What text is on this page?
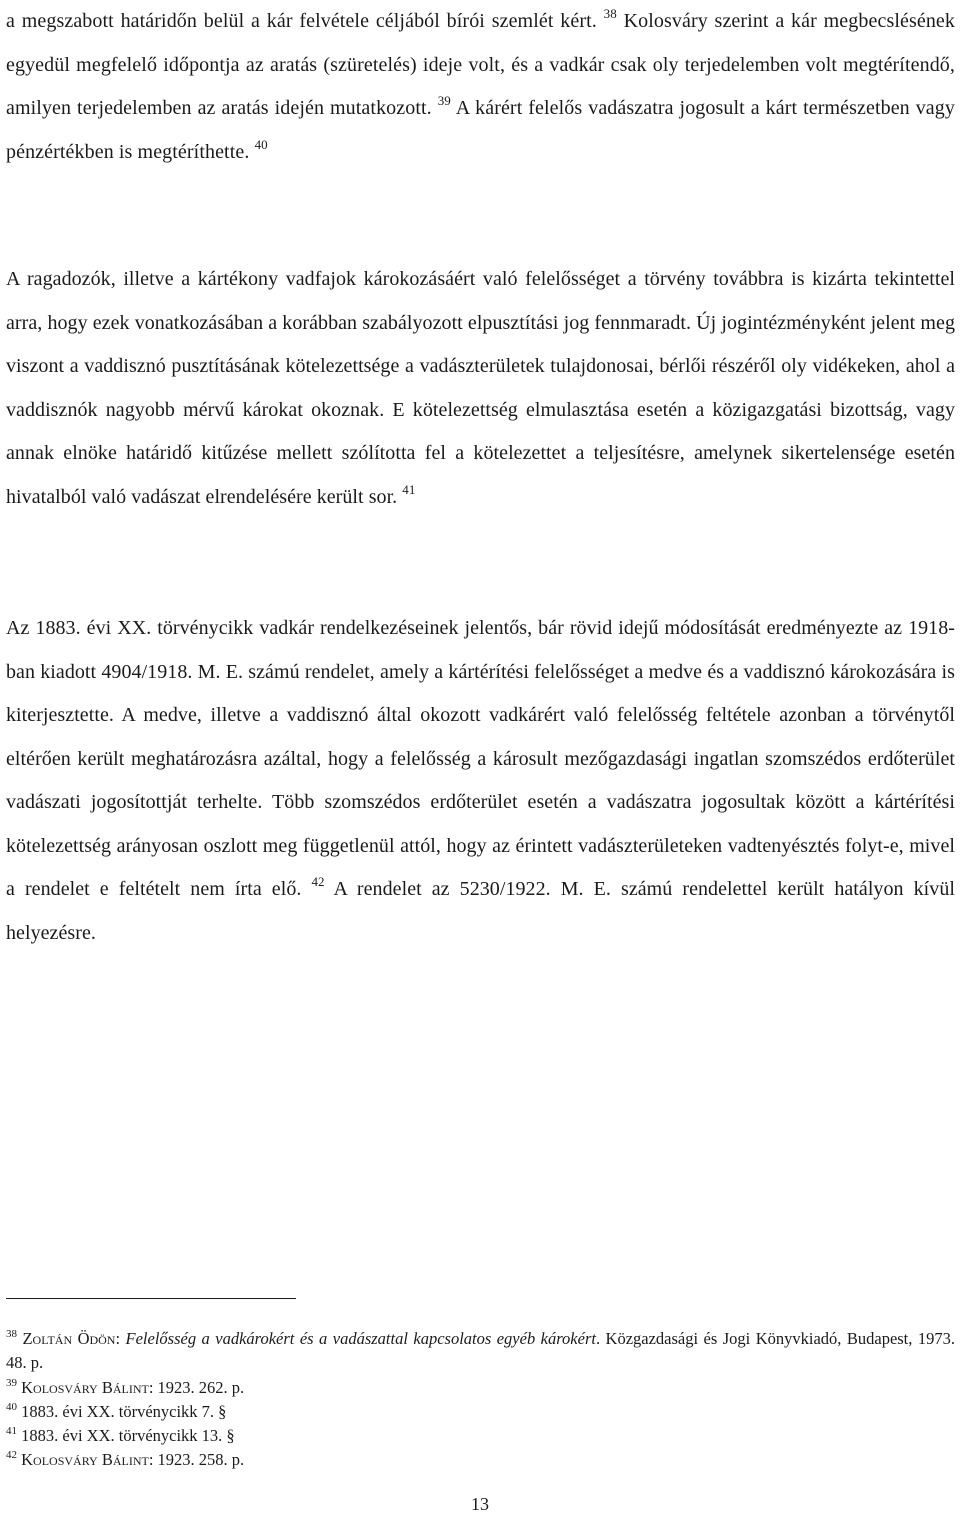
a megszabott határidőn belül a kár felvétele céljából bírói szemlét kért. $^{38}$ Kolosváry szerint a kár megbecslésének egyedül megfelelő időpontja az aratás (szüretelés) ideje volt, és a vadkár csak oly terjedelemben volt megtérítendő, amilyen terjedelemben az aratás idején mutatkozott. $^{39}$ A kárért felelős vadászatra jogosult a kárt természetben vagy pénzértékben is megtéríthette. $^{40}$

A ragadozók, illetve a kártékony vadfajok károkozásáért való felelősséget a törvény továbbra is kizárta tekintettel arra, hogy ezek vonatkozásában a korábban szabályozott elpusztítási jog fennmaradt. Új jogintézményként jelent meg viszont a vaddisznó pusztításának kötelezettsége a vadászterületek tulajdonosai, bérlői részéről oly vidékeken, ahol a vaddisznók nagyobb mérvű károkat okoznak. E kötelezettség elmulasztása esetén a közigazgatási bizottság, vagy annak elnöke határidő kitűzése mellett szólította fel a kötelezettet a teljesítésre, amelynek sikertelensége esetén hivatalból való vadászat elrendelésére került sor. $^{41}$

Az 1883. évi XX. törvénycikk vadkár rendelkezéseinek jelentős, bár rövid idejű módosítását eredményezte az 1918-ban kiadott 4904/1918. M. E. számú rendelet, amely a kártérítési felelősséget a medve és a vaddisznó károkozására is kiterjesztette. A medve, illetve a vaddisznó által okozott vadkárért való felelősség feltétele azonban a törvénytől eltérően került meghatározásra azáltal, hogy a felelősség a károsult mezőgazdasági ingatlan szomszédos erdőterület vadászati jogosítottját terhelte. Több szomszédos erdőterület esetén a vadászatra jogosultak között a kártérítési kötelezettség arányosan oszlott meg függetlenül attól, hogy az érintett vadászterületeken vadtenyésztés folyt-e, mivel a rendelet e feltételt nem írta elő. $^{42}$ A rendelet az 5230/1922. M. E. számú rendelettel került hatályon kívül helyezésre.

$^{38}$ Zoltán Ödön: Felelősség a vadkárokért és a vadászattal kapcsolatos egyéb károkért. Közgazdasági és Jogi Könyvkiadó, Budapest, 1973. 48. p.

$^{39}$ Kolosváry Bálint: 1923. 262. p.

$^{40}$ 1883. évi XX. törvénycikk 7. §

$^{41}$ 1883. évi XX. törvénycikk 13. §

$^{42}$ Kolosváry Bálint: 1923. 258. p.

13
